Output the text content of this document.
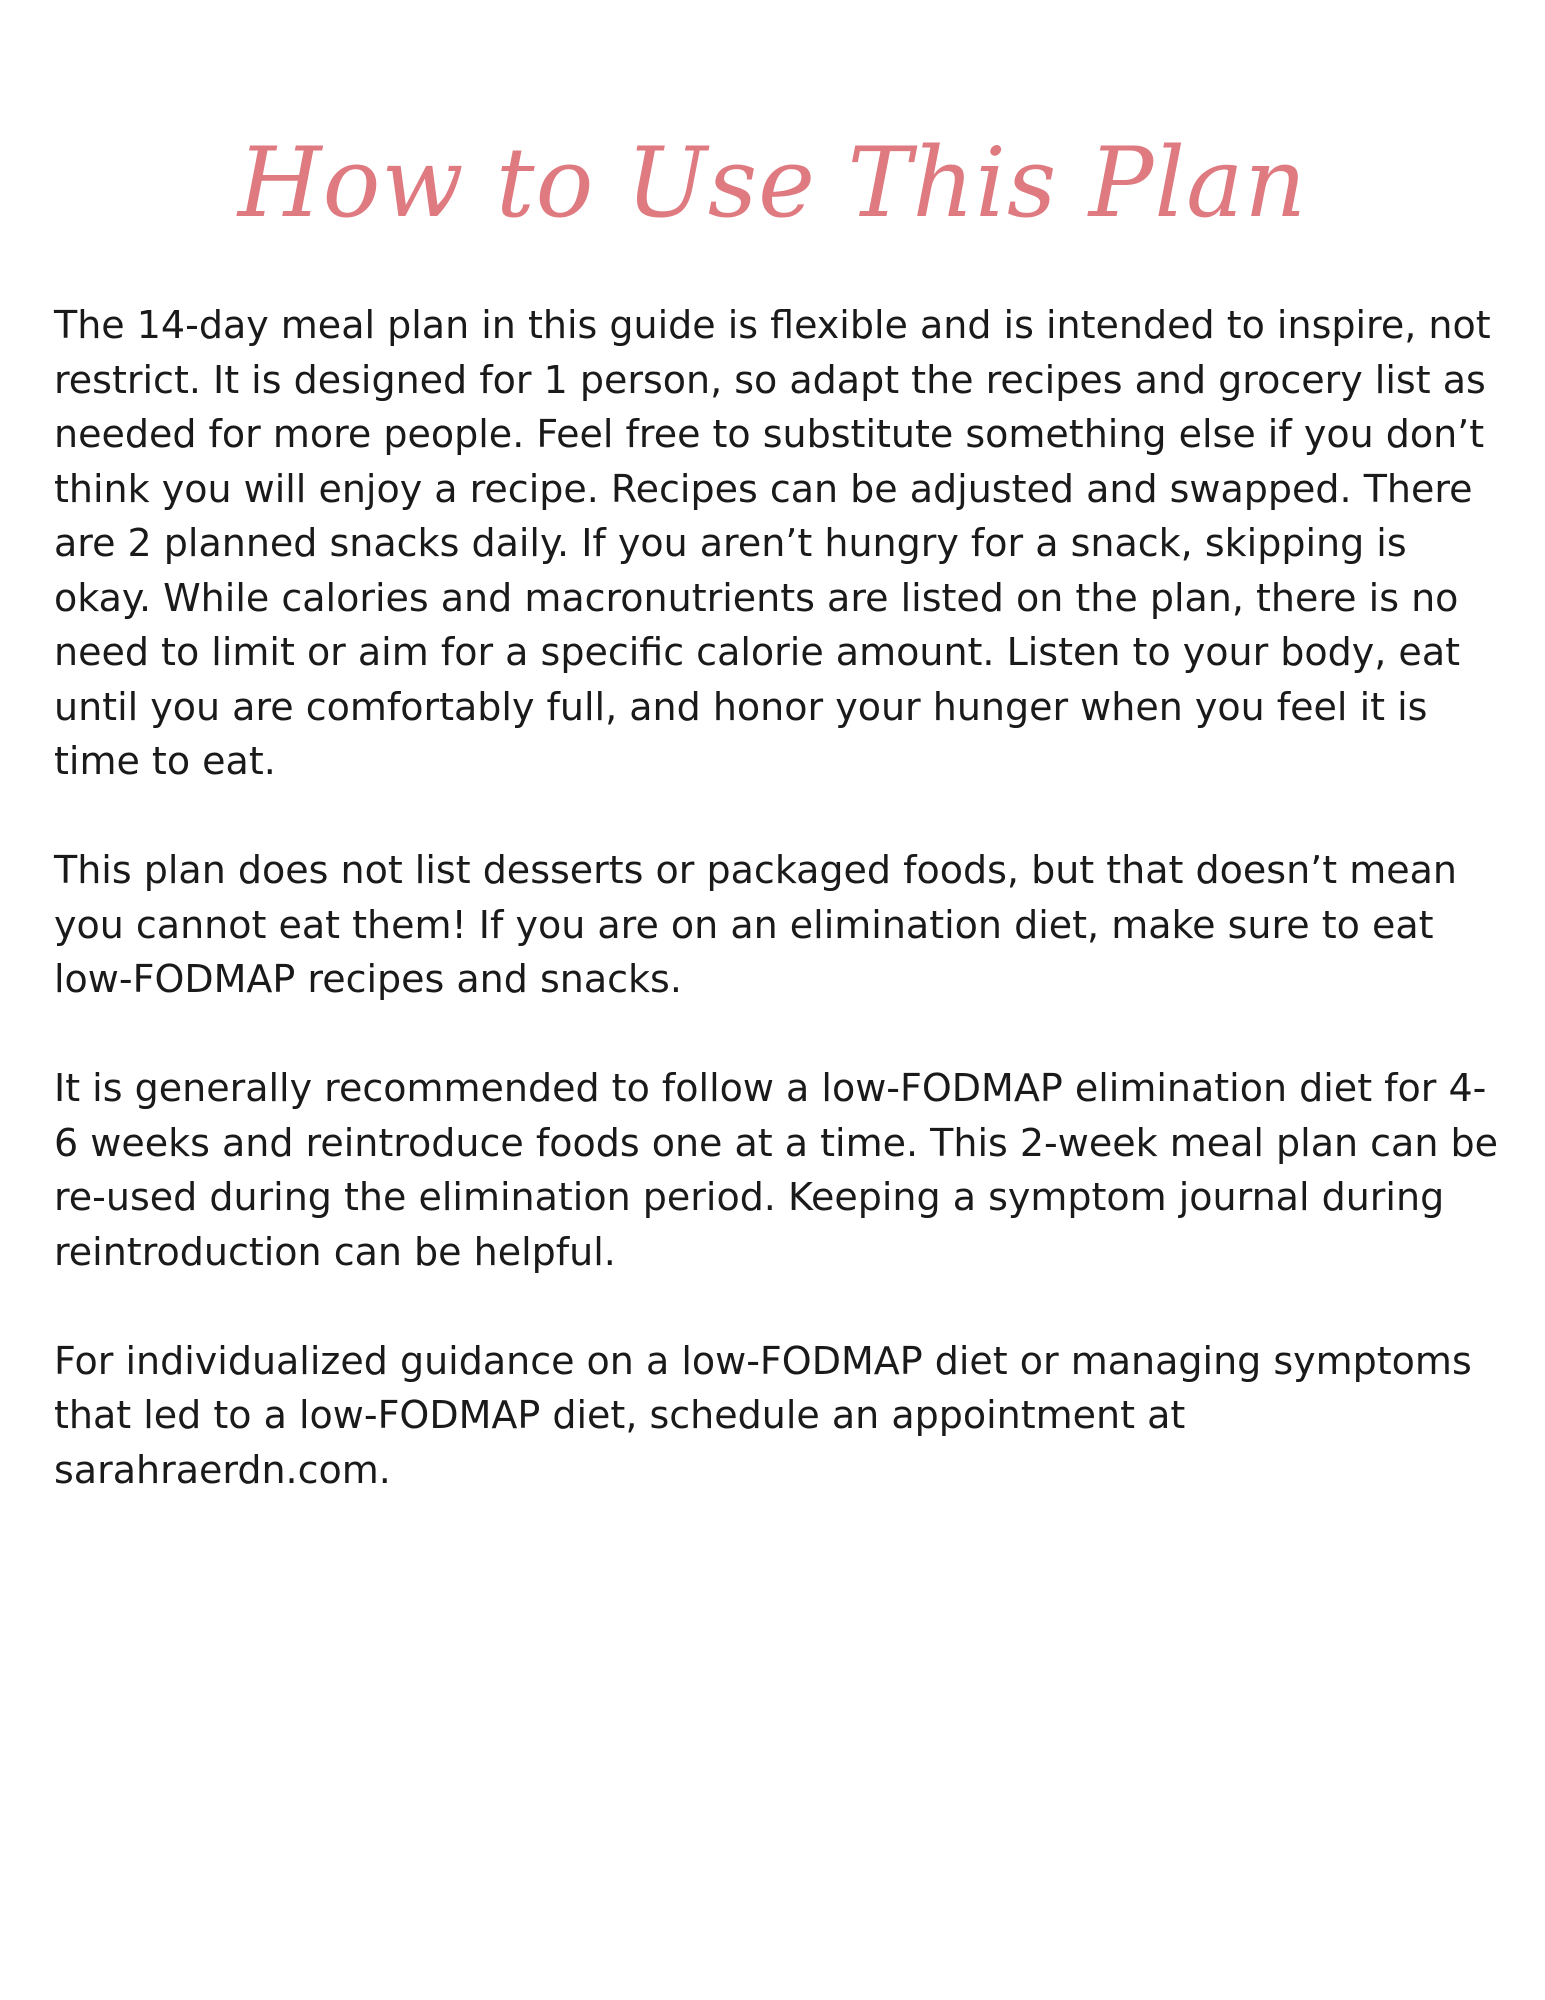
How to Use This Plan

The 14-day meal plan in this guide is flexible and is intended to inspire, not restrict. It is designed for 1 person, so adapt the recipes and grocery list as needed for more people. Feel free to substitute something else if you don’t think you will enjoy a recipe. Recipes can be adjusted and swapped. There are 2 planned snacks daily. If you aren’t hungry for a snack, skipping is okay. While calories and macronutrients are listed on the plan, there is no need to limit or aim for a specific calorie amount. Listen to your body, eat until you are comfortably full, and honor your hunger when you feel it is time to eat.

This plan does not list desserts or packaged foods, but that doesn’t mean you cannot eat them! If you are on an elimination diet, make sure to eat low-FODMAP recipes and snacks.

It is generally recommended to follow a low-FODMAP elimination diet for 4-6 weeks and reintroduce foods one at a time. This 2-week meal plan can be re-used during the elimination period. Keeping a symptom journal during reintroduction can be helpful.

For individualized guidance on a low-FODMAP diet or managing symptoms that led to a low-FODMAP diet, schedule an appointment at sarahraerdn.com.
